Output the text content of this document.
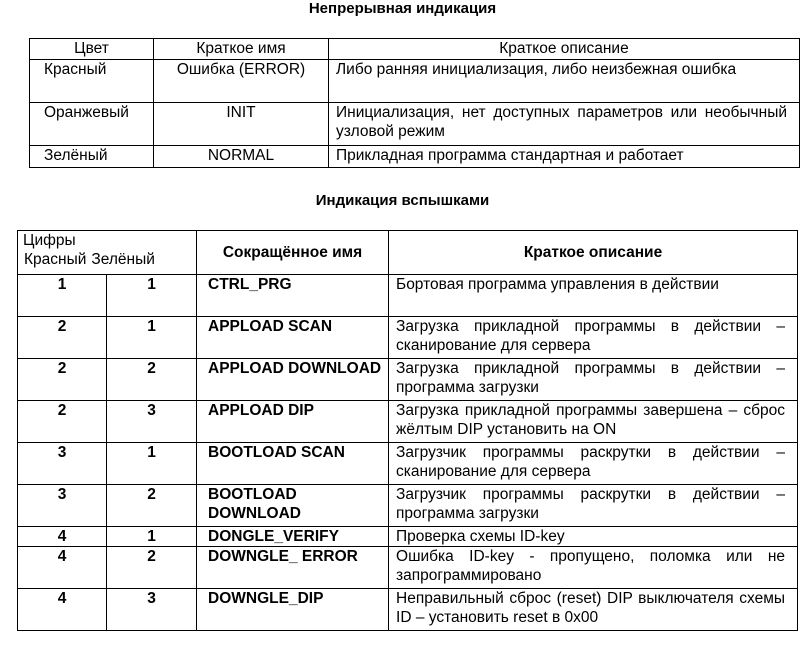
Непрерывная индикация
Цвет	Краткое имя	Краткое описание
Красный	Ошибка (ERROR)	Либо ранняя инициализация, либо неизбежная ошибка
Оранжевый	INIT	Инициализация, нет доступных параметров или необычный узловой режим
Зелёный	NORMAL	Прикладная программа стандартная и работает
Индикация вспышками
Цифры
Красный Зелёный		Сокращённое имя	Краткое описание
1	1	CTRL_PRG	Бортовая программа управления в действии
2	1	APPLOAD SCAN	Загрузка прикладной программы в действии – сканирование для сервера
2	2	APPLOAD DOWNLOAD	Загрузка прикладной программы в действии – программа загрузки
2	3	APPLOAD DIP	Загрузка прикладной программы завершена – сброс жёлтым DIP установить на ON
3	1	BOOTLOAD SCAN	Загрузчик программы раскрутки в действии – сканирование для сервера
3	2	BOOTLOAD DOWNLOAD	Загрузчик программы раскрутки в действии – программа загрузки
4	1	DONGLE_VERIFY	Проверка схемы ID-key
4	2	DOWNGLE_ ERROR	Ошибка ID-key - пропущено, поломка или не запрограммировано
4	3	DOWNGLE_DIP	Неправильный сброс (reset) DIP выключателя схемы ID – установить reset в 0x00
